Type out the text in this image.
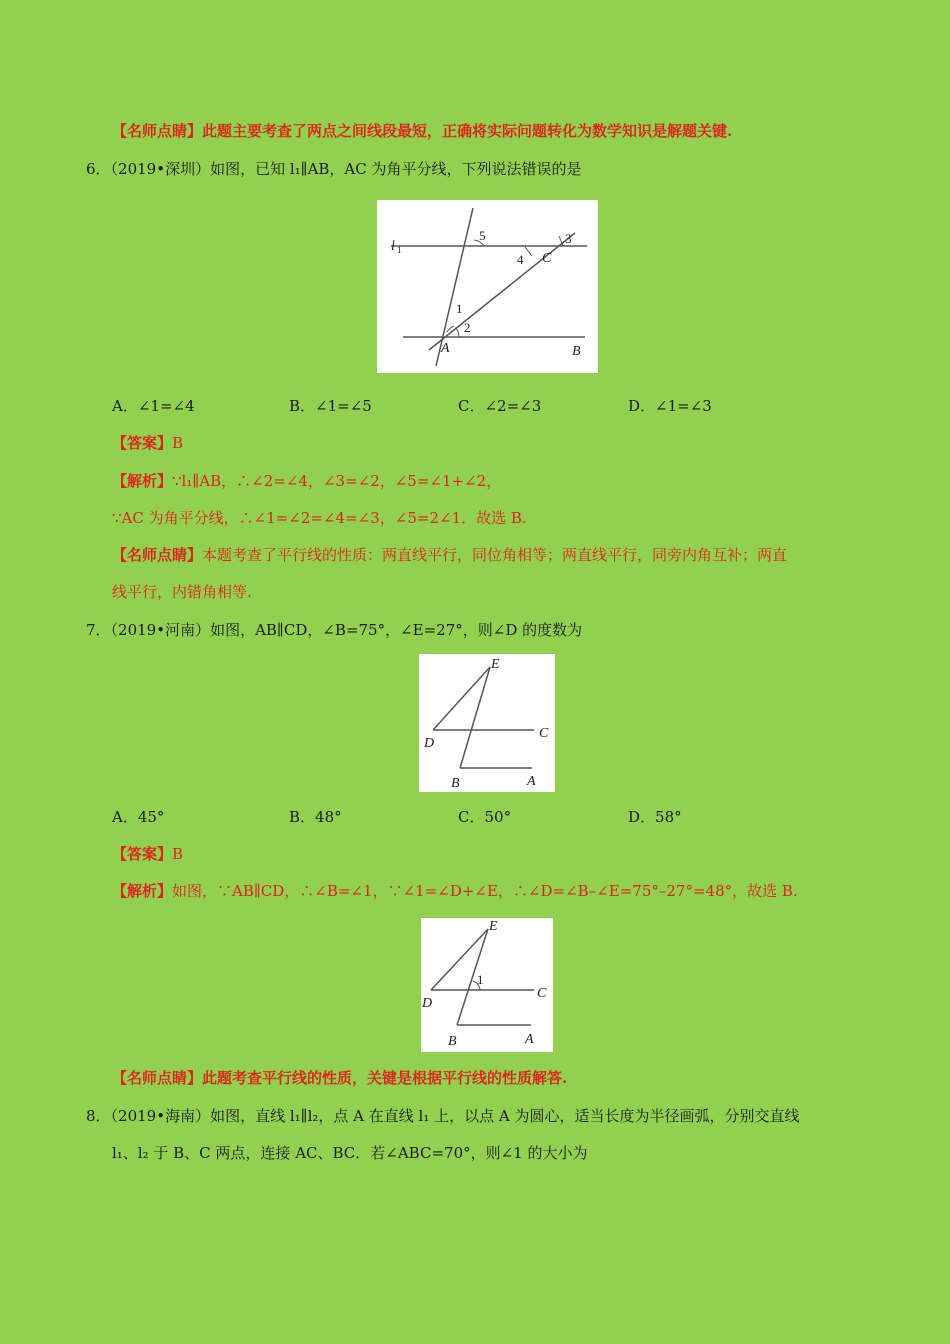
【名师点睛】此题主要考查了两点之间线段最短，正确将实际问题转化为数学知识是解题关键.
6．（2019•深圳）如图，已知 l₁∥AB，AC 为角平分线，下列说法错误的是
l 1
5	3
4 C
1
2
A	B
A．∠1=∠4	B．∠1=∠5	C．∠2=∠3	D．∠1=∠3
【答案】B
【解析】∵l₁∥AB，∴∠2=∠4，∠3=∠2，∠5=∠1+∠2，
∵AC 为角平分线，∴∠1=∠2=∠4=∠3，∠5=2∠1．故选 B.
【名师点睛】本题考查了平行线的性质：两直线平行，同位角相等；两直线平行，同旁内角互补；两直
线平行，内错角相等.
7．（2019•河南）如图，AB∥CD，∠B=75°，∠E=27°，则∠D 的度数为
E
C
D
B	A
A．45°	B．48°	C．50°	D．58°
【答案】B
【解析】如图，∵AB∥CD，∴∠B=∠1，∵∠1=∠D+∠E，∴∠D=∠B–∠E=75°–27°=48°，故选 B.
E
1
C
D
B	A
【名师点睛】此题考查平行线的性质，关键是根据平行线的性质解答.
8．（2019•海南）如图，直线 l₁∥l₂，点 A 在直线 l₁ 上，以点 A 为圆心，适当长度为半径画弧，分别交直线
l₁、l₂ 于 B、C 两点，连接 AC、BC．若∠ABC=70°，则∠1 的大小为
